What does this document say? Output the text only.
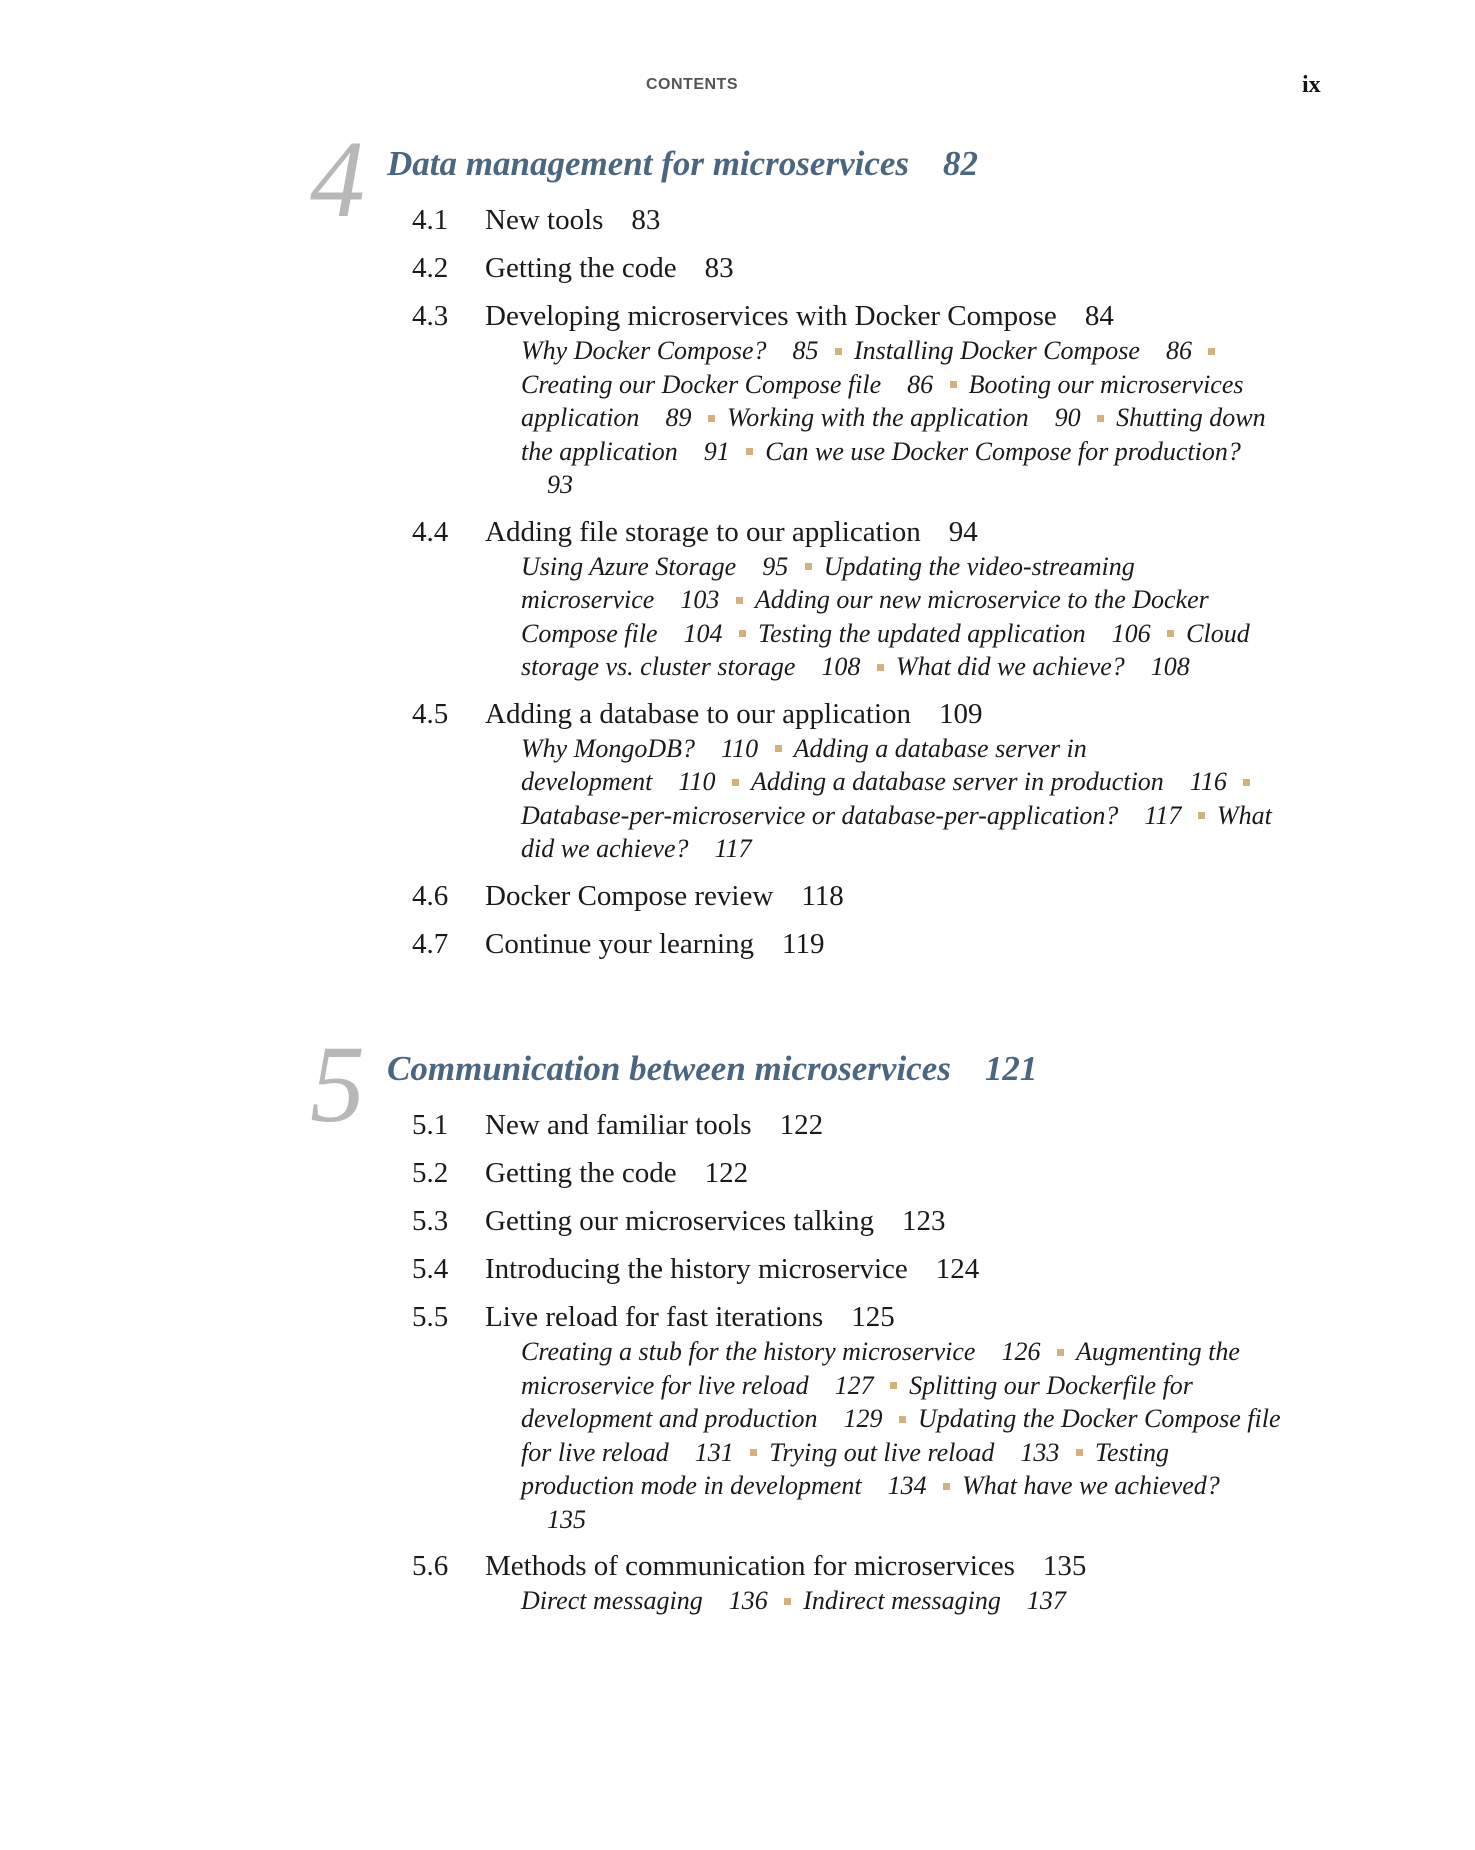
CONTENTS	ix
4 Data management for microservices 82
4.1 New tools 83
4.2 Getting the code 83
4.3 Developing microservices with Docker Compose 84
Why Docker Compose? 85 Installing Docker Compose 86 Creating our Docker Compose file 86 Booting our microservices application 89 Working with the application 90 Shutting down the application 91 Can we use Docker Compose for production?93
4.4 Adding file storage to our application 94
Using Azure Storage 95 Updating the video-streaming microservice 103 Adding our new microservice to the Docker Compose file 104 Testing the updated application 106 Cloud storage vs. cluster storage 108 What did we achieve? 108
4.5 Adding a database to our application 109
Why MongoDB? 110 Adding a database server in development 110 Adding a database server in production 116 Database-per-microservice or database-per-application? 117 What did we achieve? 117
4.6 Docker Compose review 118
4.7 Continue your learning 119
5 Communication between microservices 121
5.1 New and familiar tools 122
5.2 Getting the code 122
5.3 Getting our microservices talking 123
5.4 Introducing the history microservice 124
5.5 Live reload for fast iterations 125
Creating a stub for the history microservice 126 Augmenting the microservice for live reload 127 Splitting our Dockerfile for development and production 129 Updating the Docker Compose file for live reload 131 Trying out live reload 133 Testing production mode in development 134 What have we achieved?135
5.6 Methods of communication for microservices 135
Direct messaging 136 Indirect messaging 137
